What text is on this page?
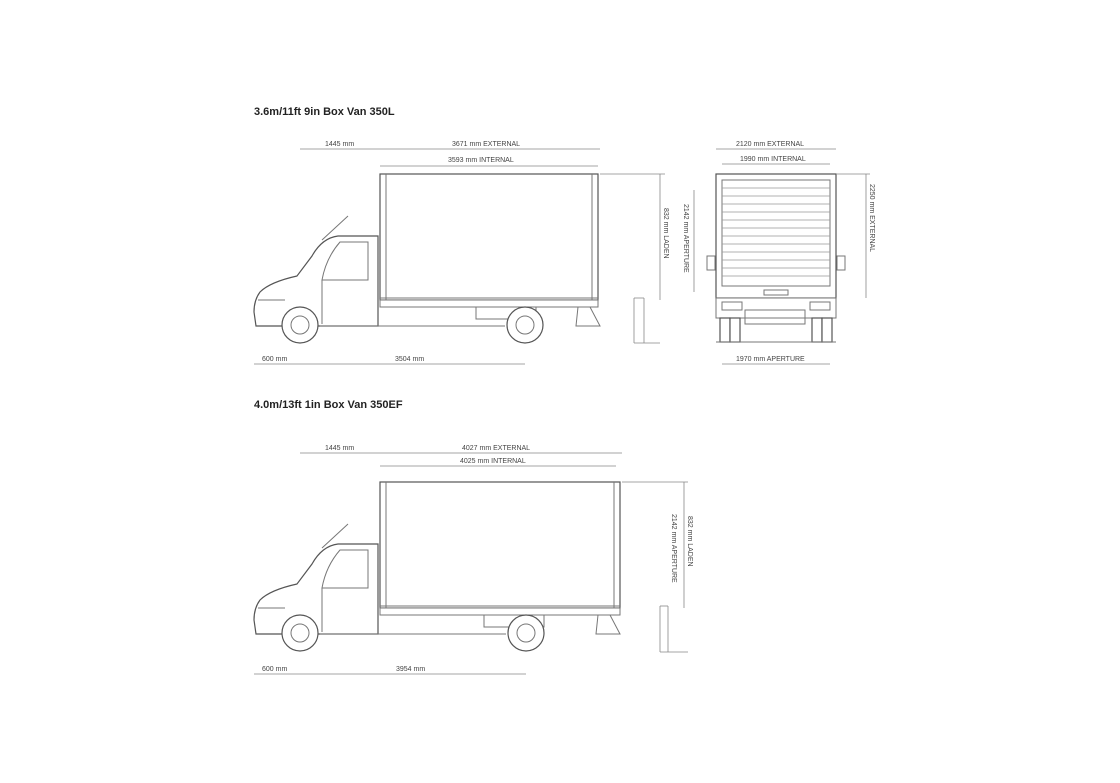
3.6m/11ft 9in Box Van 350L
1445 mm	3671 mm EXTERNAL
3593 mm INTERNAL
832 mm LADEN 2142 mm APERTURE
600 mm	3504 mm
2120 mm EXTERNAL
1990 mm INTERNAL
2250 mm EXTERNAL
1970 mm APERTURE
4.0m/13ft 1in Box Van 350EF
1445 mm	4027 mm EXTERNAL
4025 mm INTERNAL
2142 mm APERTURE 832 mm LADEN
600 mm	3954 mm
